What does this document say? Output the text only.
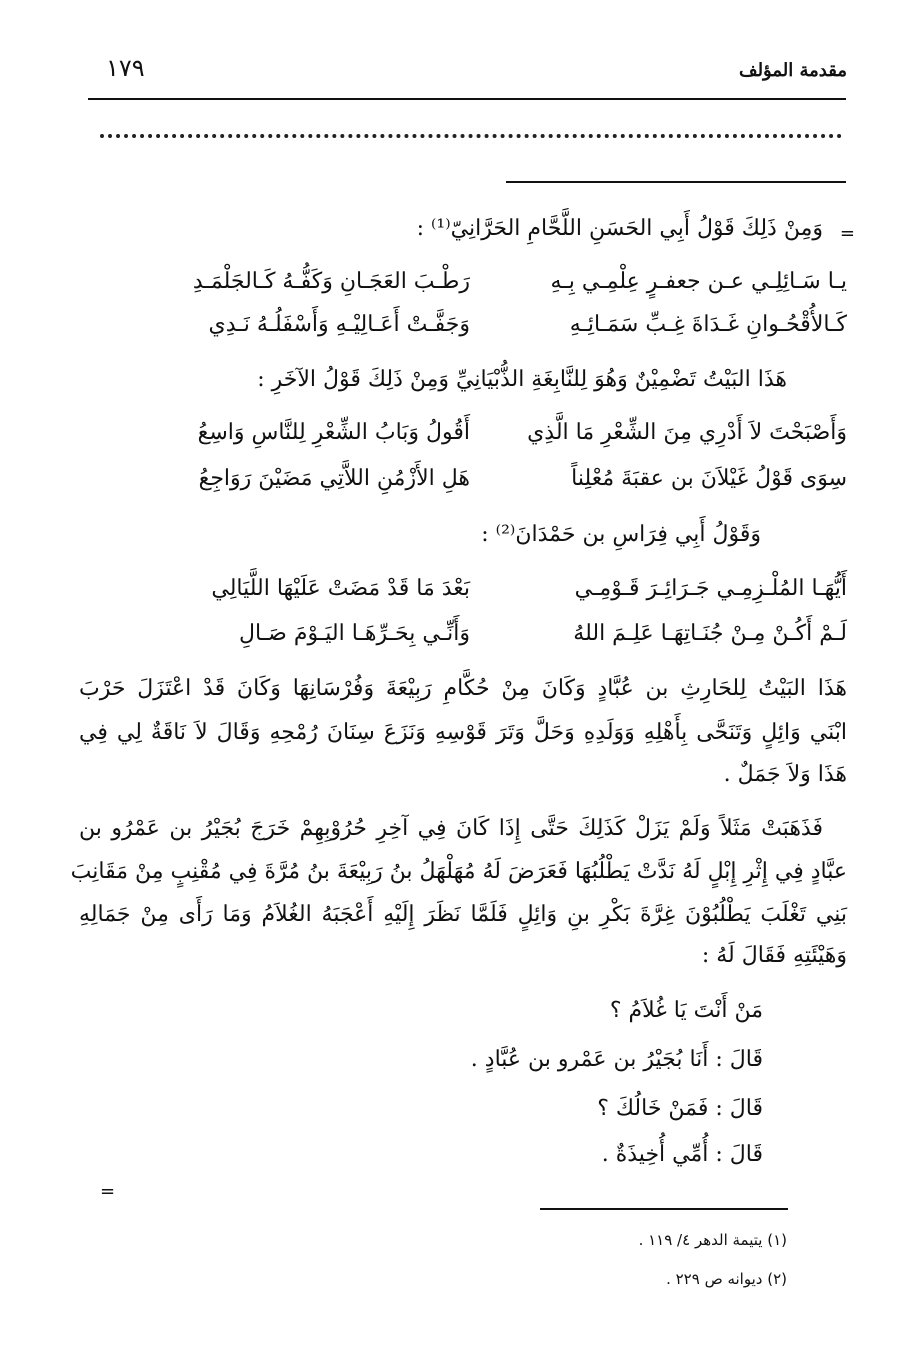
مقدمة المؤلف
١٧٩
=
وَمِنْ ذَلِكَ قَوْلُ أَبِي الحَسَنِ اللَّحَّامِ الحَرَّانِيّ⁽¹⁾ :
يـا سَـائِلِـي عـن جعفـرٍ عِلْمِـي بِـهِ
رَطْـبَ العَجَـانِ وَكَفُّـهُ كَـالجَلْمَـدِ
كَـالأُقْحُـوانِ غَـدَاةَ غِـبِّ سَمَـائِـهِ
وَجَفَّـتْ أَعَـالِيْـهِ وَأَسْفَلُـهُ نَـدِي
هَذَا البَيْتُ تَضْمِيْنٌ وَهُوَ لِلنَّابِغَةِ الذُّبْيَانِيِّ وَمِنْ ذَلِكَ قَوْلُ الآخَرِ :
وَأَصْبَحْتَ لاَ أَدْرِي مِنَ الشِّعْرِ مَا الَّذِي
أَقُولُ وَبَابُ الشِّعْرِ لِلنَّاسِ وَاسِعُ
سِوَى قَوْلُ غَيْلاَنَ بن عقبَةَ مُعْلِناً
هَلِ الأَزْمُنِ اللاَّتِي مَضَيْنَ رَوَاجِعُ
وَقَوْلُ أَبِي فِرَاسِ بن حَمْدَانَ⁽²⁾ :
أَيُّهَـا المُلْـزِمِـي جَـرَائِـرَ قَـوْمِـي
بَعْدَ مَا قَدْ مَضَتْ عَلَيْهَا اللَّيَالِي
لَـمْ أَكُـنْ مِـنْ جُنَـاتِهَـا عَلِـمَ اللهُ
وَأَنِّـي بِحَـرِّهَـا اليَـوْمَ صَـالِ
هَذَا البَيْتُ لِلحَارِثِ بن عُبَّادٍ وَكَانَ مِنْ حُكَّامِ رَبِيْعَةَ وَفُرْسَانِهَا وَكَانَ قَدْ اعْتَزَلَ حَرْبَ
ابْنَي وَائِلٍ وَتَنَحَّى بِأَهْلِهِ وَوَلَدِهِ وَحَلَّ وَتَرَ قَوْسِهِ وَنَزَعَ سِنَانَ رُمْحِهِ وَقَالَ لاَ نَاقَةٌ لِي فِي
هَذَا وَلاَ جَمَلٌ .
فَذَهَبَتْ مَثَلاً وَلَمْ يَزَلْ كَذَلِكَ حَتَّى إِذَا كَانَ فِي آخِرِ حُرُوْبِهِمْ خَرَجَ بُجَيْرُ بن عَمْرُو بن
عبَّادٍ فِي إِثْرِ إِبْلٍ لَهُ نَدَّتْ يَطْلُبُهَا فَعَرَضَ لَهُ مُهَلْهَلُ بنُ رَبِيْعَةَ بنُ مُرَّةَ فِي مُقْنِبٍ مِنْ مَقَانِبَ
بَنِي تَغْلَبَ يَطْلُبُوْنَ غِرَّةَ بَكْرِ بنِ وَائِلٍ فَلَمَّا نَظَرَ إِلَيْهِ أَعْجَبَهُ الغُلاَمُ وَمَا رَأَى مِنْ جَمَالِهِ
وَهَيْئَتِهِ فَقَالَ لَهُ :
مَنْ أَنْتَ يَا غُلاَمُ ؟
قَالَ : أَنَا بُجَيْرُ بن عَمْرو بن عُبَّادٍ .
قَالَ : فَمَنْ خَالُكَ ؟
قَالَ : أُمِّي أُخِيذَةٌ .
=
(١) يتيمة الدهر ٤/ ١١٩ .
(٢) ديوانه ص ٢٢٩ .
